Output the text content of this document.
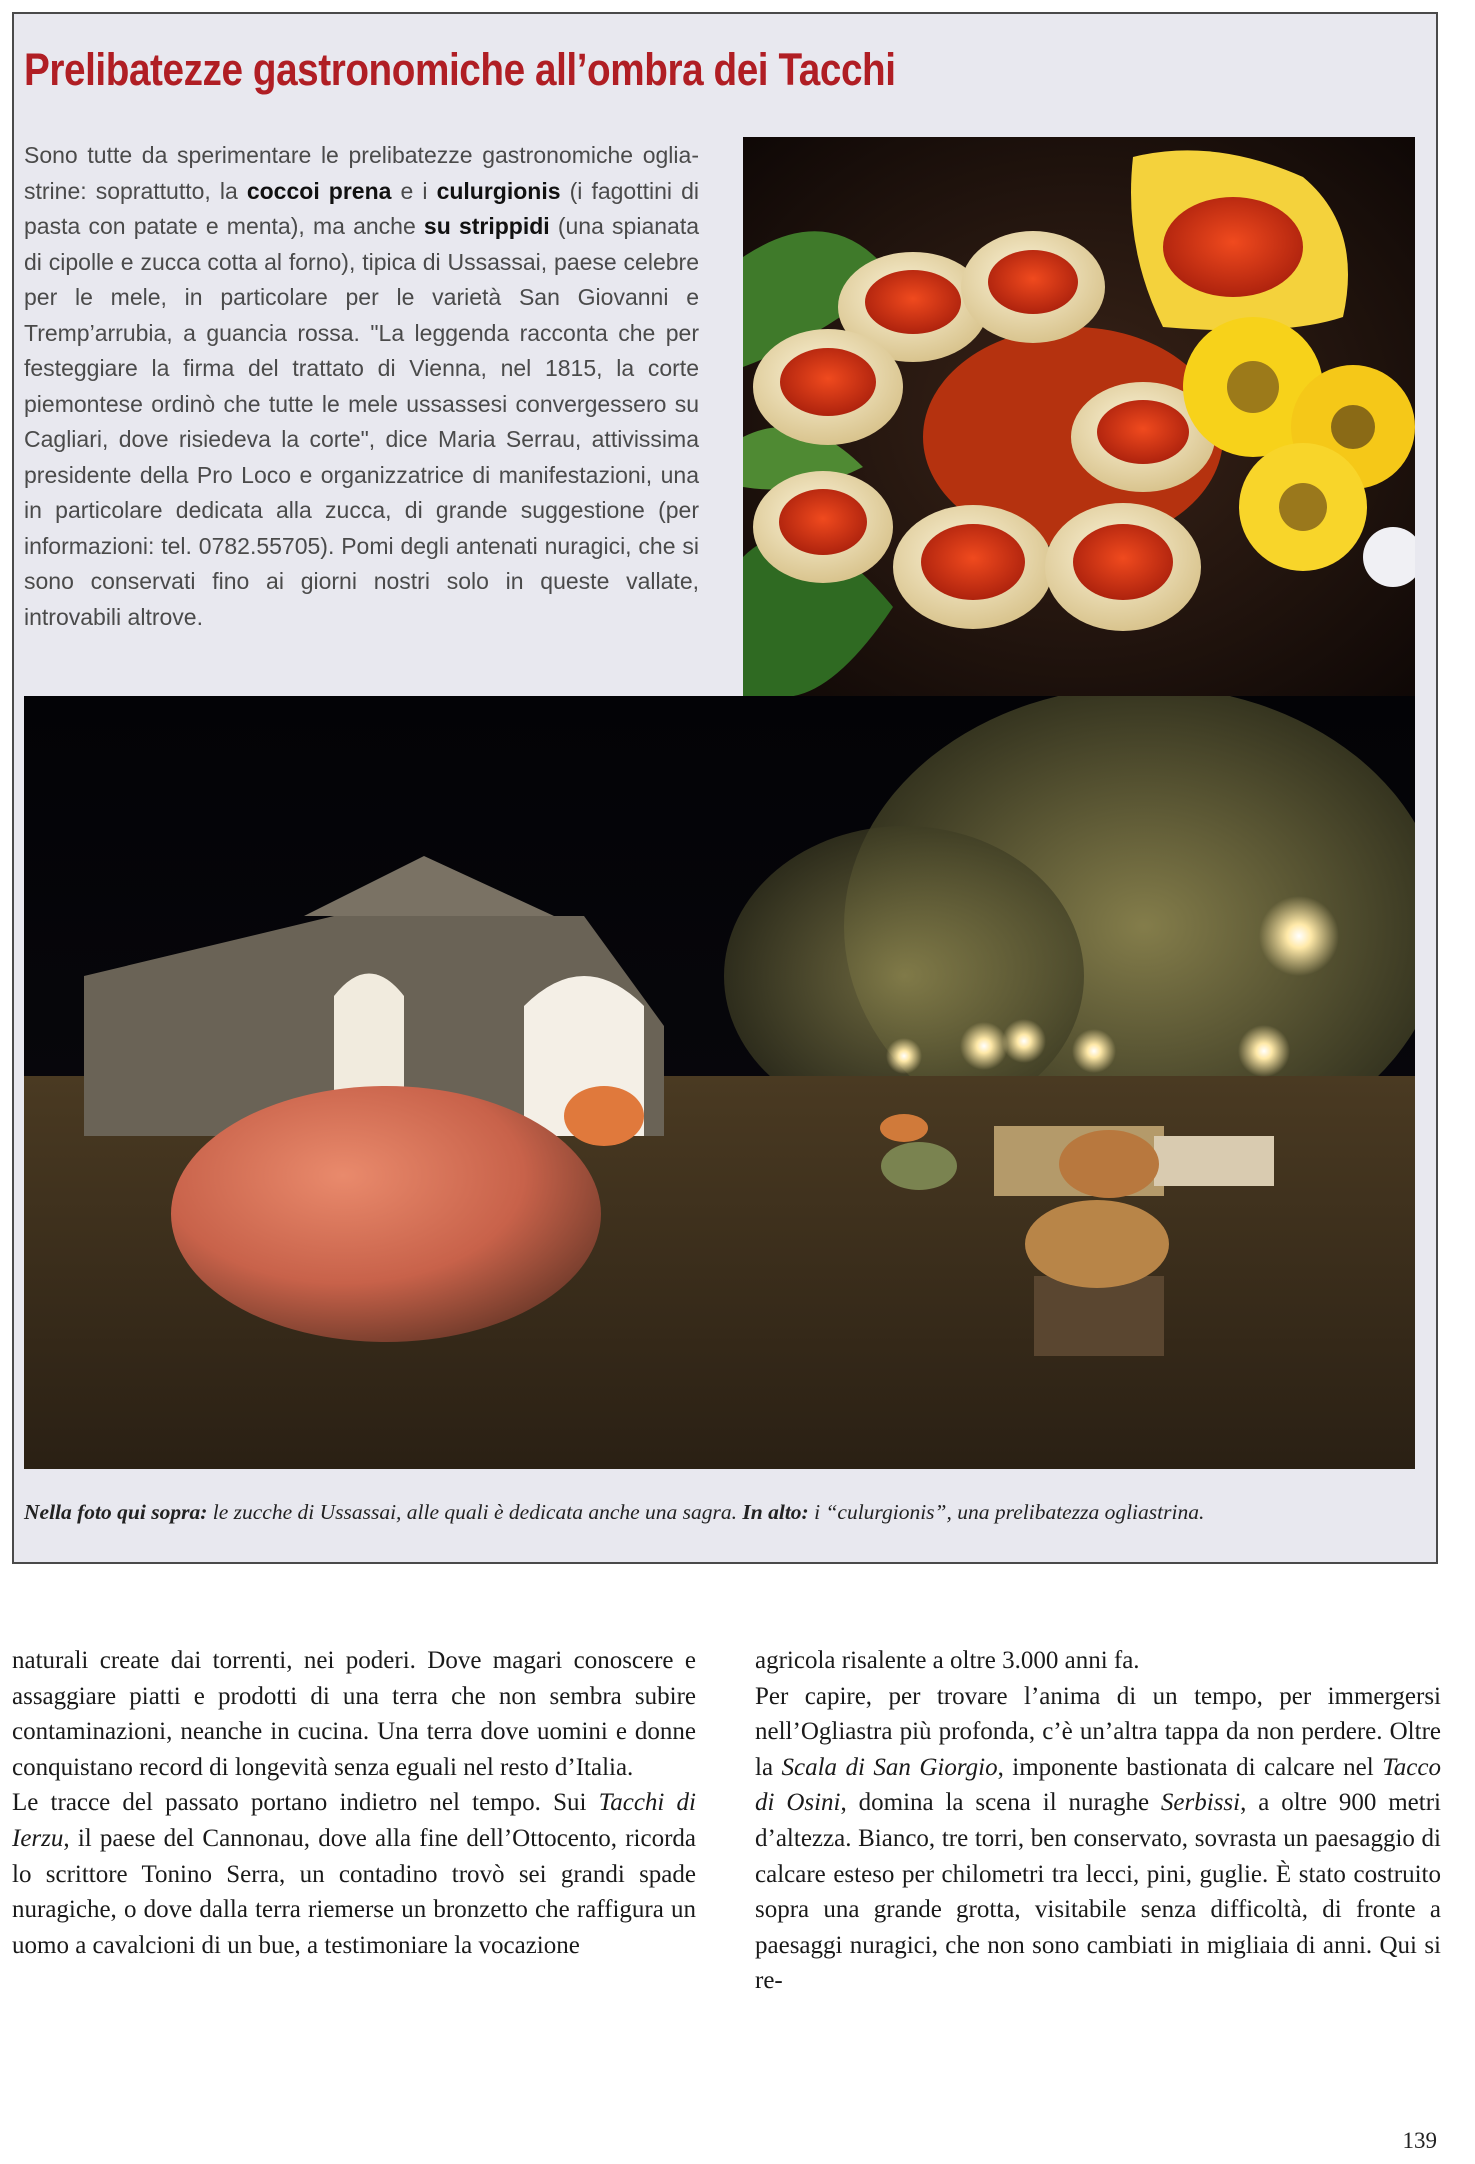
Prelibatezze gastronomiche all’ombra dei Tacchi

Sono tutte da sperimentare le prelibatezze gastronomiche ogliastrine: soprattutto, la coccoi prena e i culurgionis (i fagottini di pasta con patate e menta), ma anche su strippidi (una spianata di cipolle e zucca cotta al forno), tipica di Ussassai, paese celebre per le mele, in particolare per le varietà San Giovanni e Tremp’arrubia, a guancia rossa. "La leggenda racconta che per festeggiare la firma del trattato di Vienna, nel 1815, la corte piemontese ordinò che tutte le mele ussassesi convergessero su Cagliari, dove risiedeva la corte", dice Maria Serrau, attivissima presidente della Pro Loco e organizzatrice di manifestazioni, una in particolare dedicata alla zucca, di grande suggestione (per informazioni: tel. 0782.55705). Pomi degli antenati nuragici, che si sono conservati fino ai giorni nostri solo in queste vallate, introvabili altrove.

Nella foto qui sopra: le zucche di Ussassai, alle quali è dedicata anche una sagra. In alto: i “culurgionis”, una prelibatezza ogliastrina.
naturali create dai torrenti, nei poderi. Dove magari conoscere e assaggiare piatti e prodotti di una terra che non sembra subire contaminazioni, neanche in cucina. Una terra dove uomini e donne conquistano record di longevità senza eguali nel resto d’Italia.
Le tracce del passato portano indietro nel tempo. Sui Tacchi di Ierzu, il paese del Cannonau, dove alla fine dell’Ottocento, ricorda lo scrittore Tonino Serra, un contadino trovò sei grandi spade nuragiche, o dove dalla terra riemerse un bronzetto che raffigura un uomo a cavalcioni di un bue, a testimoniare la vocazione
agricola risalente a oltre 3.000 anni fa.
Per capire, per trovare l’anima di un tempo, per immergersi nell’Ogliastra più profonda, c’è un’altra tappa da non perdere. Oltre la Scala di San Giorgio, imponente bastionata di calcare nel Tacco di Osini, domina la scena il nuraghe Serbissi, a oltre 900 metri d’altezza. Bianco, tre torri, ben conservato, sovrasta un paesaggio di calcare esteso per chilometri tra lecci, pini, guglie. È stato costruito sopra una grande grotta, visitabile senza difficoltà, di fronte a paesaggi nuragici, che non sono cambiati in migliaia di anni. Qui si re-
139
